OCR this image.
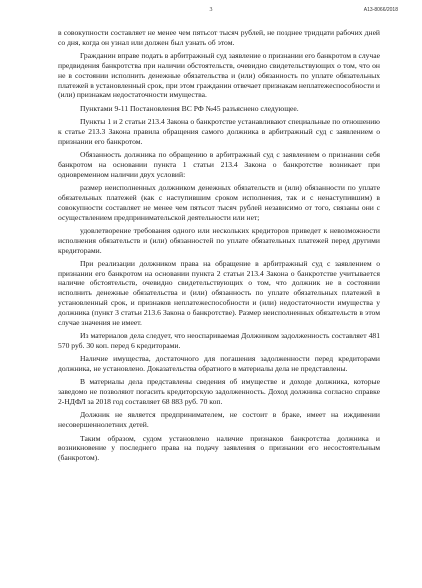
3	А13-8066/2018

в совокупности составляет не менее чем пятьсот тысяч рублей, не позднее тридцати рабочих дней со дня, когда он узнал или должен был узнать об этом.

Гражданин вправе подать в арбитражный суд заявление о признании его банкротом в случае предвидения банкротства при наличии обстоятельств, очевидно свидетельствующих о том, что он не в состоянии исполнить денежные обязательства и (или) обязанность по уплате обязательных платежей в установленный срок, при этом гражданин отвечает признакам неплатежеспособности и (или) признакам недостаточности имущества.

Пунктами 9-11 Постановления ВС РФ №45 разъяснено следующее.

Пункты 1 и 2 статьи 213.4 Закона о банкротстве устанавливают специальные по отношению к статье 213.3 Закона правила обращения самого должника в арбитражный суд с заявлением о признании его банкротом.

Обязанность должника по обращению в арбитражный суд с заявлением о признании себя банкротом на основании пункта 1 статьи 213.4 Закона о банкротстве возникает при одновременном наличии двух условий:

размер неисполненных должником денежных обязательств и (или) обязанности по уплате обязательных платежей (как с наступившим сроком исполнения, так и с ненаступившим) в совокупности составляет не менее чем пятьсот тысяч рублей независимо от того, связаны они с осуществлением предпринимательской деятельности или нет;

удовлетворение требования одного или нескольких кредиторов приведет к невозможности исполнения обязательств и (или) обязанностей по уплате обязательных платежей перед другими кредиторами.

При реализации должником права на обращение в арбитражный суд с заявлением о признании его банкротом на основании пункта 2 статьи 213.4 Закона о банкротстве учитывается наличие обстоятельств, очевидно свидетельствующих о том, что должник не в состоянии исполнить денежные обязательства и (или) обязанность по уплате обязательных платежей в установленный срок, и признаков неплатежеспособности и (или) недостаточности имущества у должника (пункт 3 статьи 213.6 Закона о банкротстве). Размер неисполненных обязательств в этом случае значения не имеет.

Из материалов дела следует, что неоспариваемая Должником задолженность составляет 481 570 руб. 30 коп. перед 6 кредиторами.

Наличие имущества, достаточного для погашения задолженности перед кредиторами должника, не установлено. Доказательства обратного в материалы дела не представлены.

В материалы дела представлены сведения об имуществе и доходе должника, которые заведомо не позволяют погасить кредиторскую задолженность. Доход должника согласно справке 2-НДФЛ за 2018 год составляет 68 883 руб. 70 коп.

Должник не является предпринимателем, не состоит в браке, имеет на иждивении несовершеннолетних детей.

Таким образом, судом установлено наличие признаков банкротства должника и возникновение у последнего права на подачу заявления о признании его несостоятельным (банкротом).
